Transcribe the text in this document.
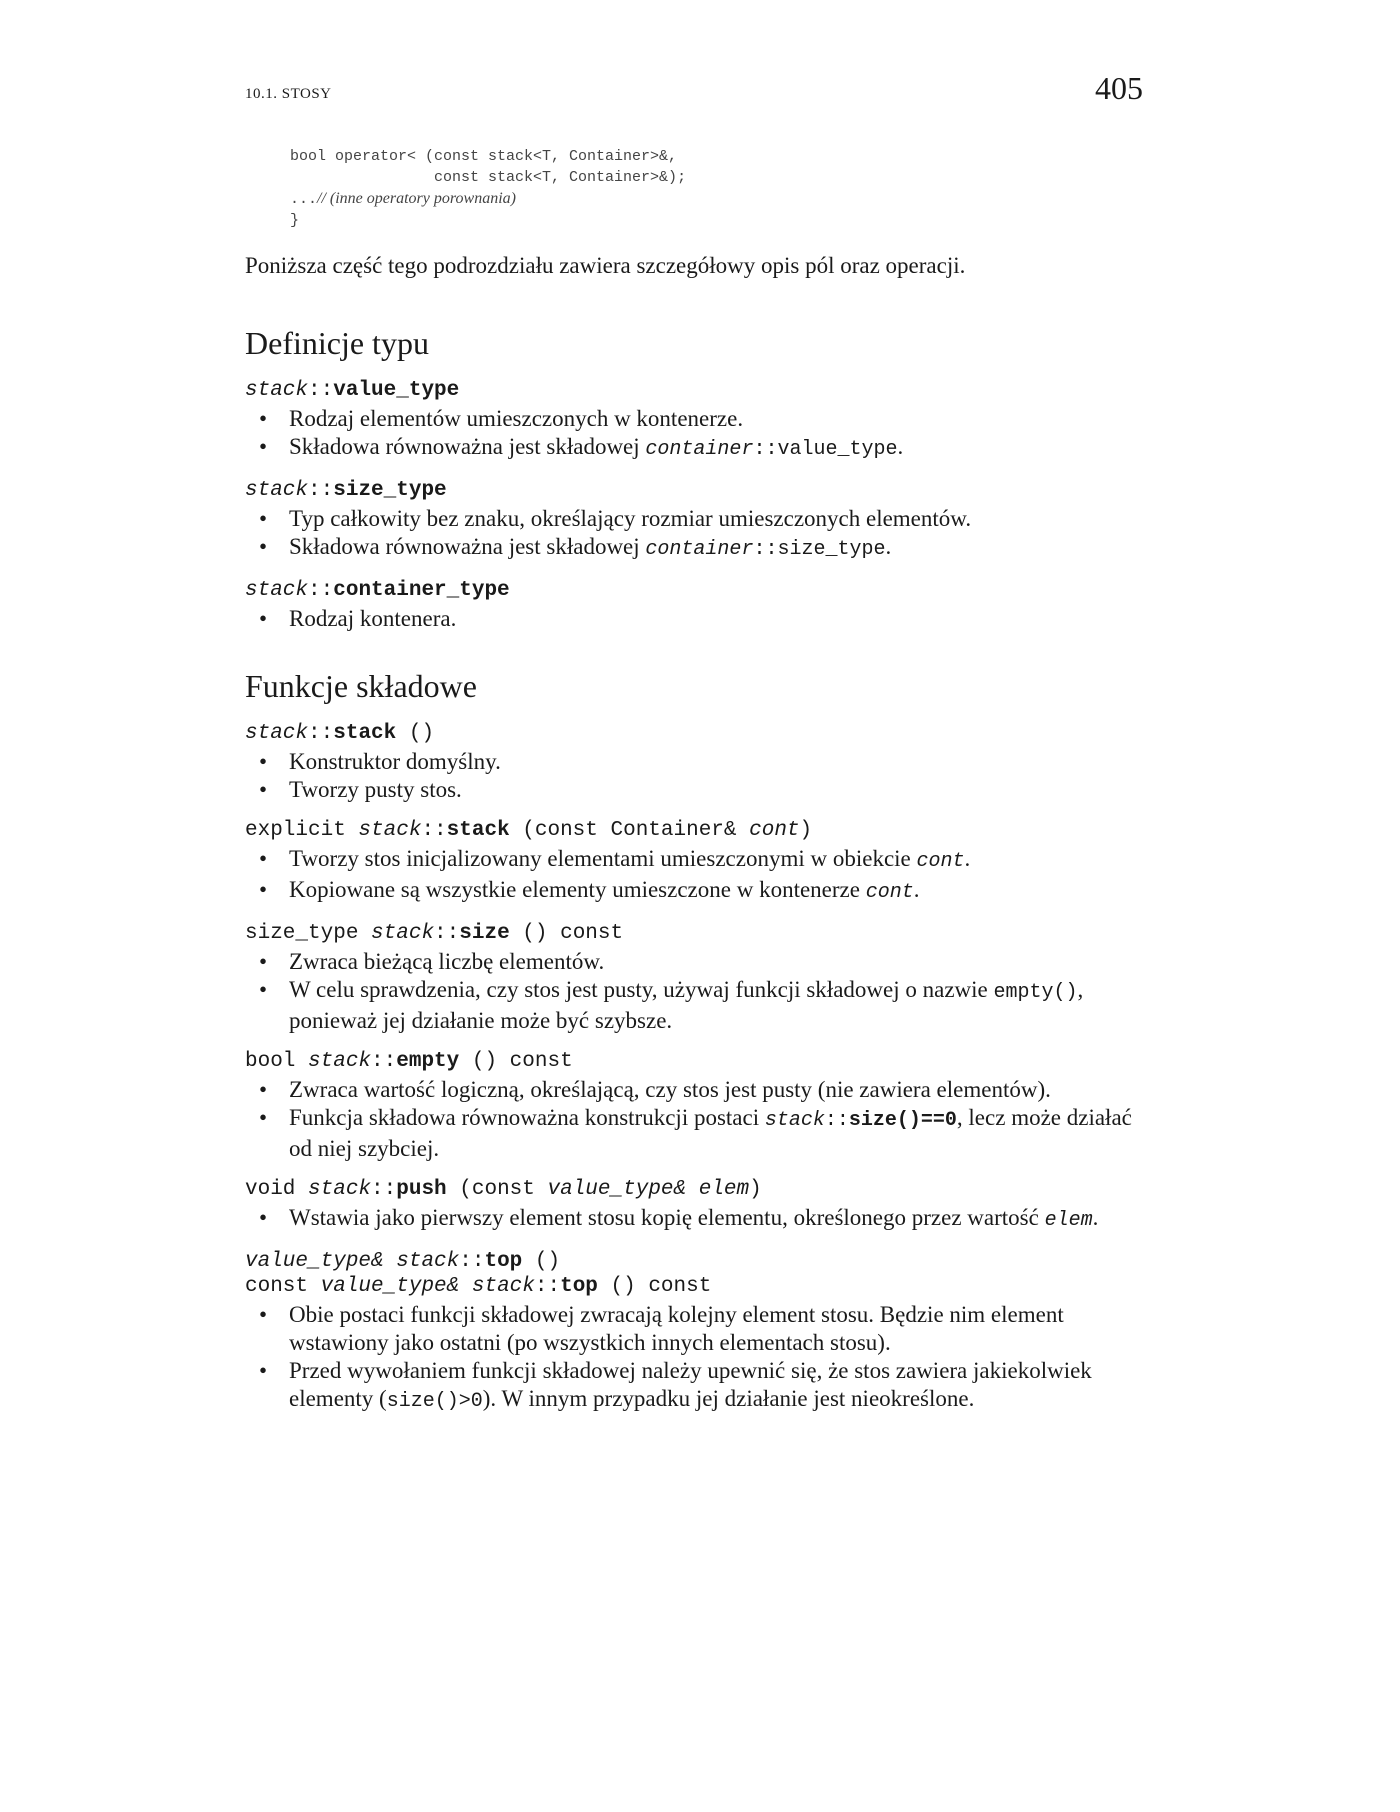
10.1. STOSY	405
bool operator< (const stack<T, Container>&,
const stack<T, Container>&);
...// (inne operatory porownania)
}

Poniższa część tego podrozdziału zawiera szczegółowy opis pól oraz operacji.

Definicje typu

stack::value_type

• Rodzaj elementów umieszczonych w kontenerze.
• Składowa równoważna jest składowej container::value_type.

stack::size_type

• Typ całkowity bez znaku, określający rozmiar umieszczonych elementów.
• Składowa równoważna jest składowej container::size_type.

stack::container_type

• Rodzaj kontenera.
Funkcje składowe

stack::stack ()

• Konstruktor domyślny.
• Tworzy pusty stos.

explicit stack::stack (const Container& cont)

• Tworzy stos inicjalizowany elementami umieszczonymi w obiekcie cont.
• Kopiowane są wszystkie elementy umieszczone w kontenerze cont.

size_type stack::size () const

• Zwraca bieżącą liczbę elementów.
• W celu sprawdzenia, czy stos jest pusty, używaj funkcji składowej o nazwie empty(), ponieważ jej działanie może być szybsze.

bool stack::empty () const

• Zwraca wartość logiczną, określającą, czy stos jest pusty (nie zawiera elementów).
• Funkcja składowa równoważna konstrukcji postaci stack::size()==0, lecz może działać od niej szybciej.

void stack::push (const value_type& elem)

• Wstawia jako pierwszy element stosu kopię elementu, określonego przez wartość elem.

value_type& stack::top ()

const value_type& stack::top () const

• Obie postaci funkcji składowej zwracają kolejny element stosu. Będzie nim element wstawiony jako ostatni (po wszystkich innych elementach stosu).
• Przed wywołaniem funkcji składowej należy upewnić się, że stos zawiera jakiekolwiek elementy (size()>0). W innym przypadku jej działanie jest nieokreślone.
